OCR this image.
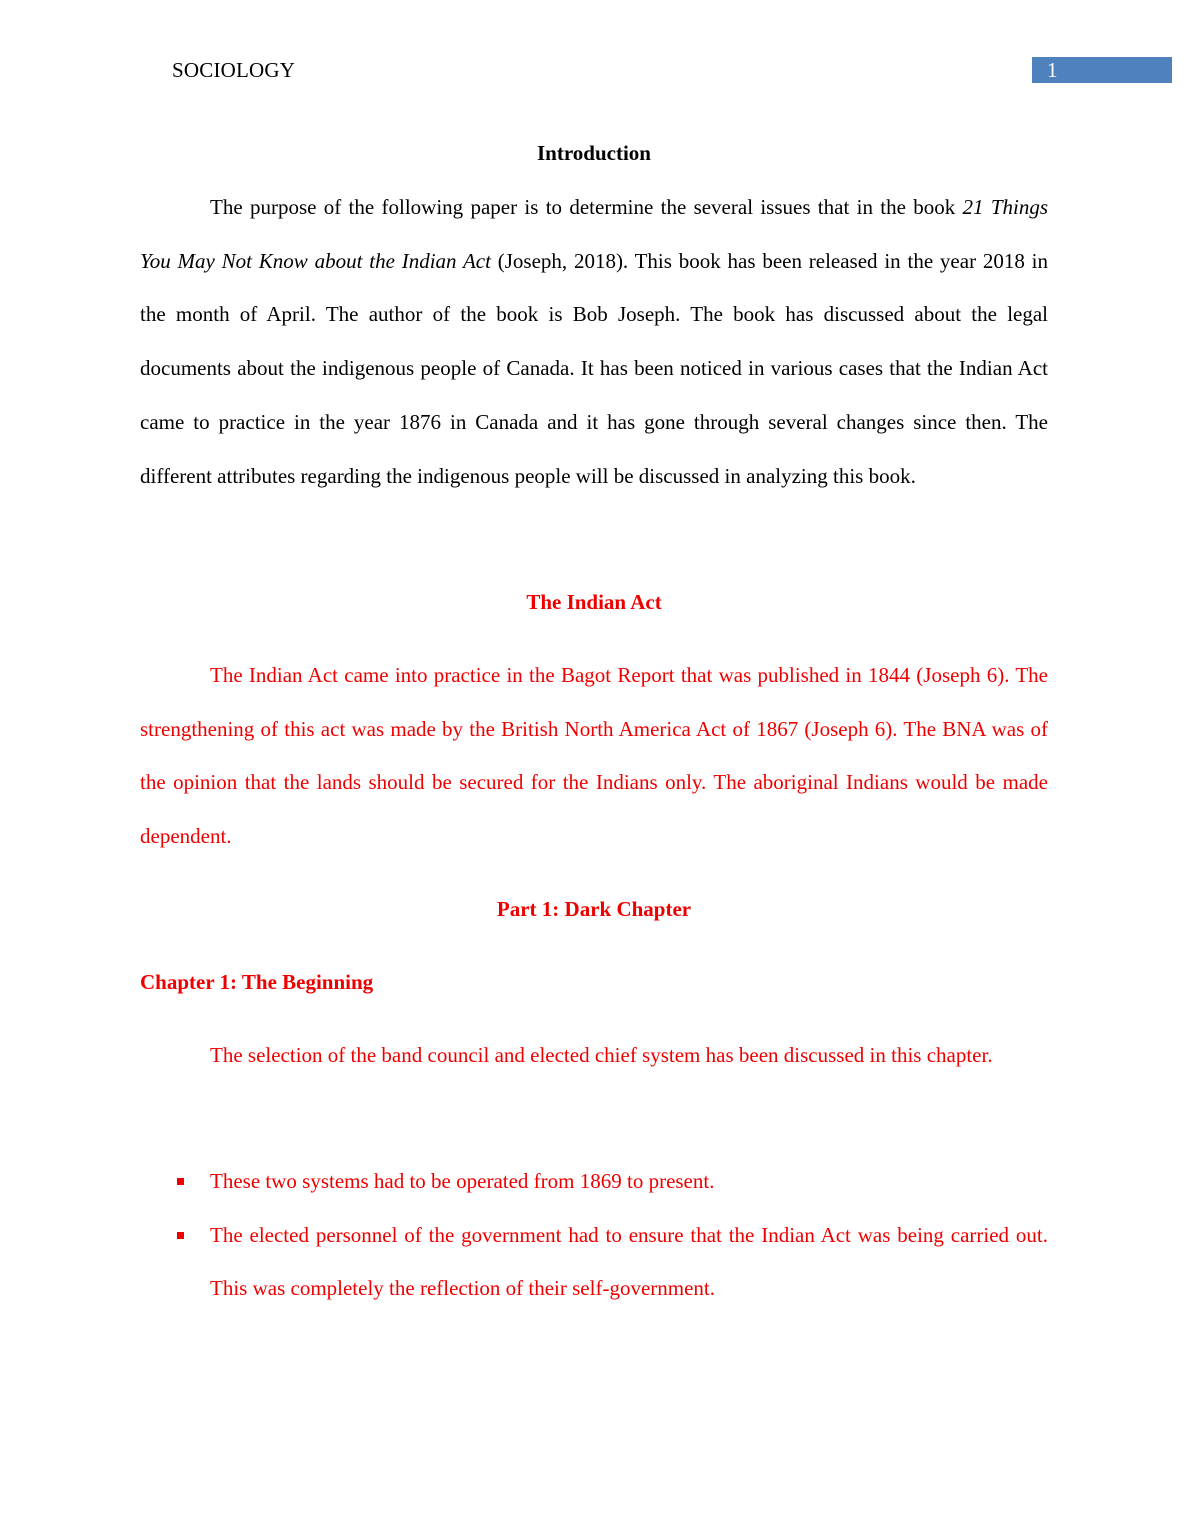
SOCIOLOGY	1
Introduction

The purpose of the following paper is to determine the several issues that in the book 21 Things You May Not Know about the Indian Act (Joseph, 2018). This book has been released in the year 2018 in the month of April. The author of the book is Bob Joseph. The book has discussed about the legal documents about the indigenous people of Canada. It has been noticed in various cases that the Indian Act came to practice in the year 1876 in Canada and it has gone through several changes since then. The different attributes regarding the indigenous people will be discussed in analyzing this book.

The Indian Act

The Indian Act came into practice in the Bagot Report that was published in 1844 (Joseph 6). The strengthening of this act was made by the British North America Act of 1867 (Joseph 6). The BNA was of the opinion that the lands should be secured for the Indians only. The aboriginal Indians would be made dependent.

Part 1: Dark Chapter
Chapter 1: The Beginning

The selection of the band council and elected chief system has been discussed in this chapter.

These two systems had to be operated from 1869 to present.
The elected personnel of the government had to ensure that the Indian Act was being carried out. This was completely the reflection of their self-government.
